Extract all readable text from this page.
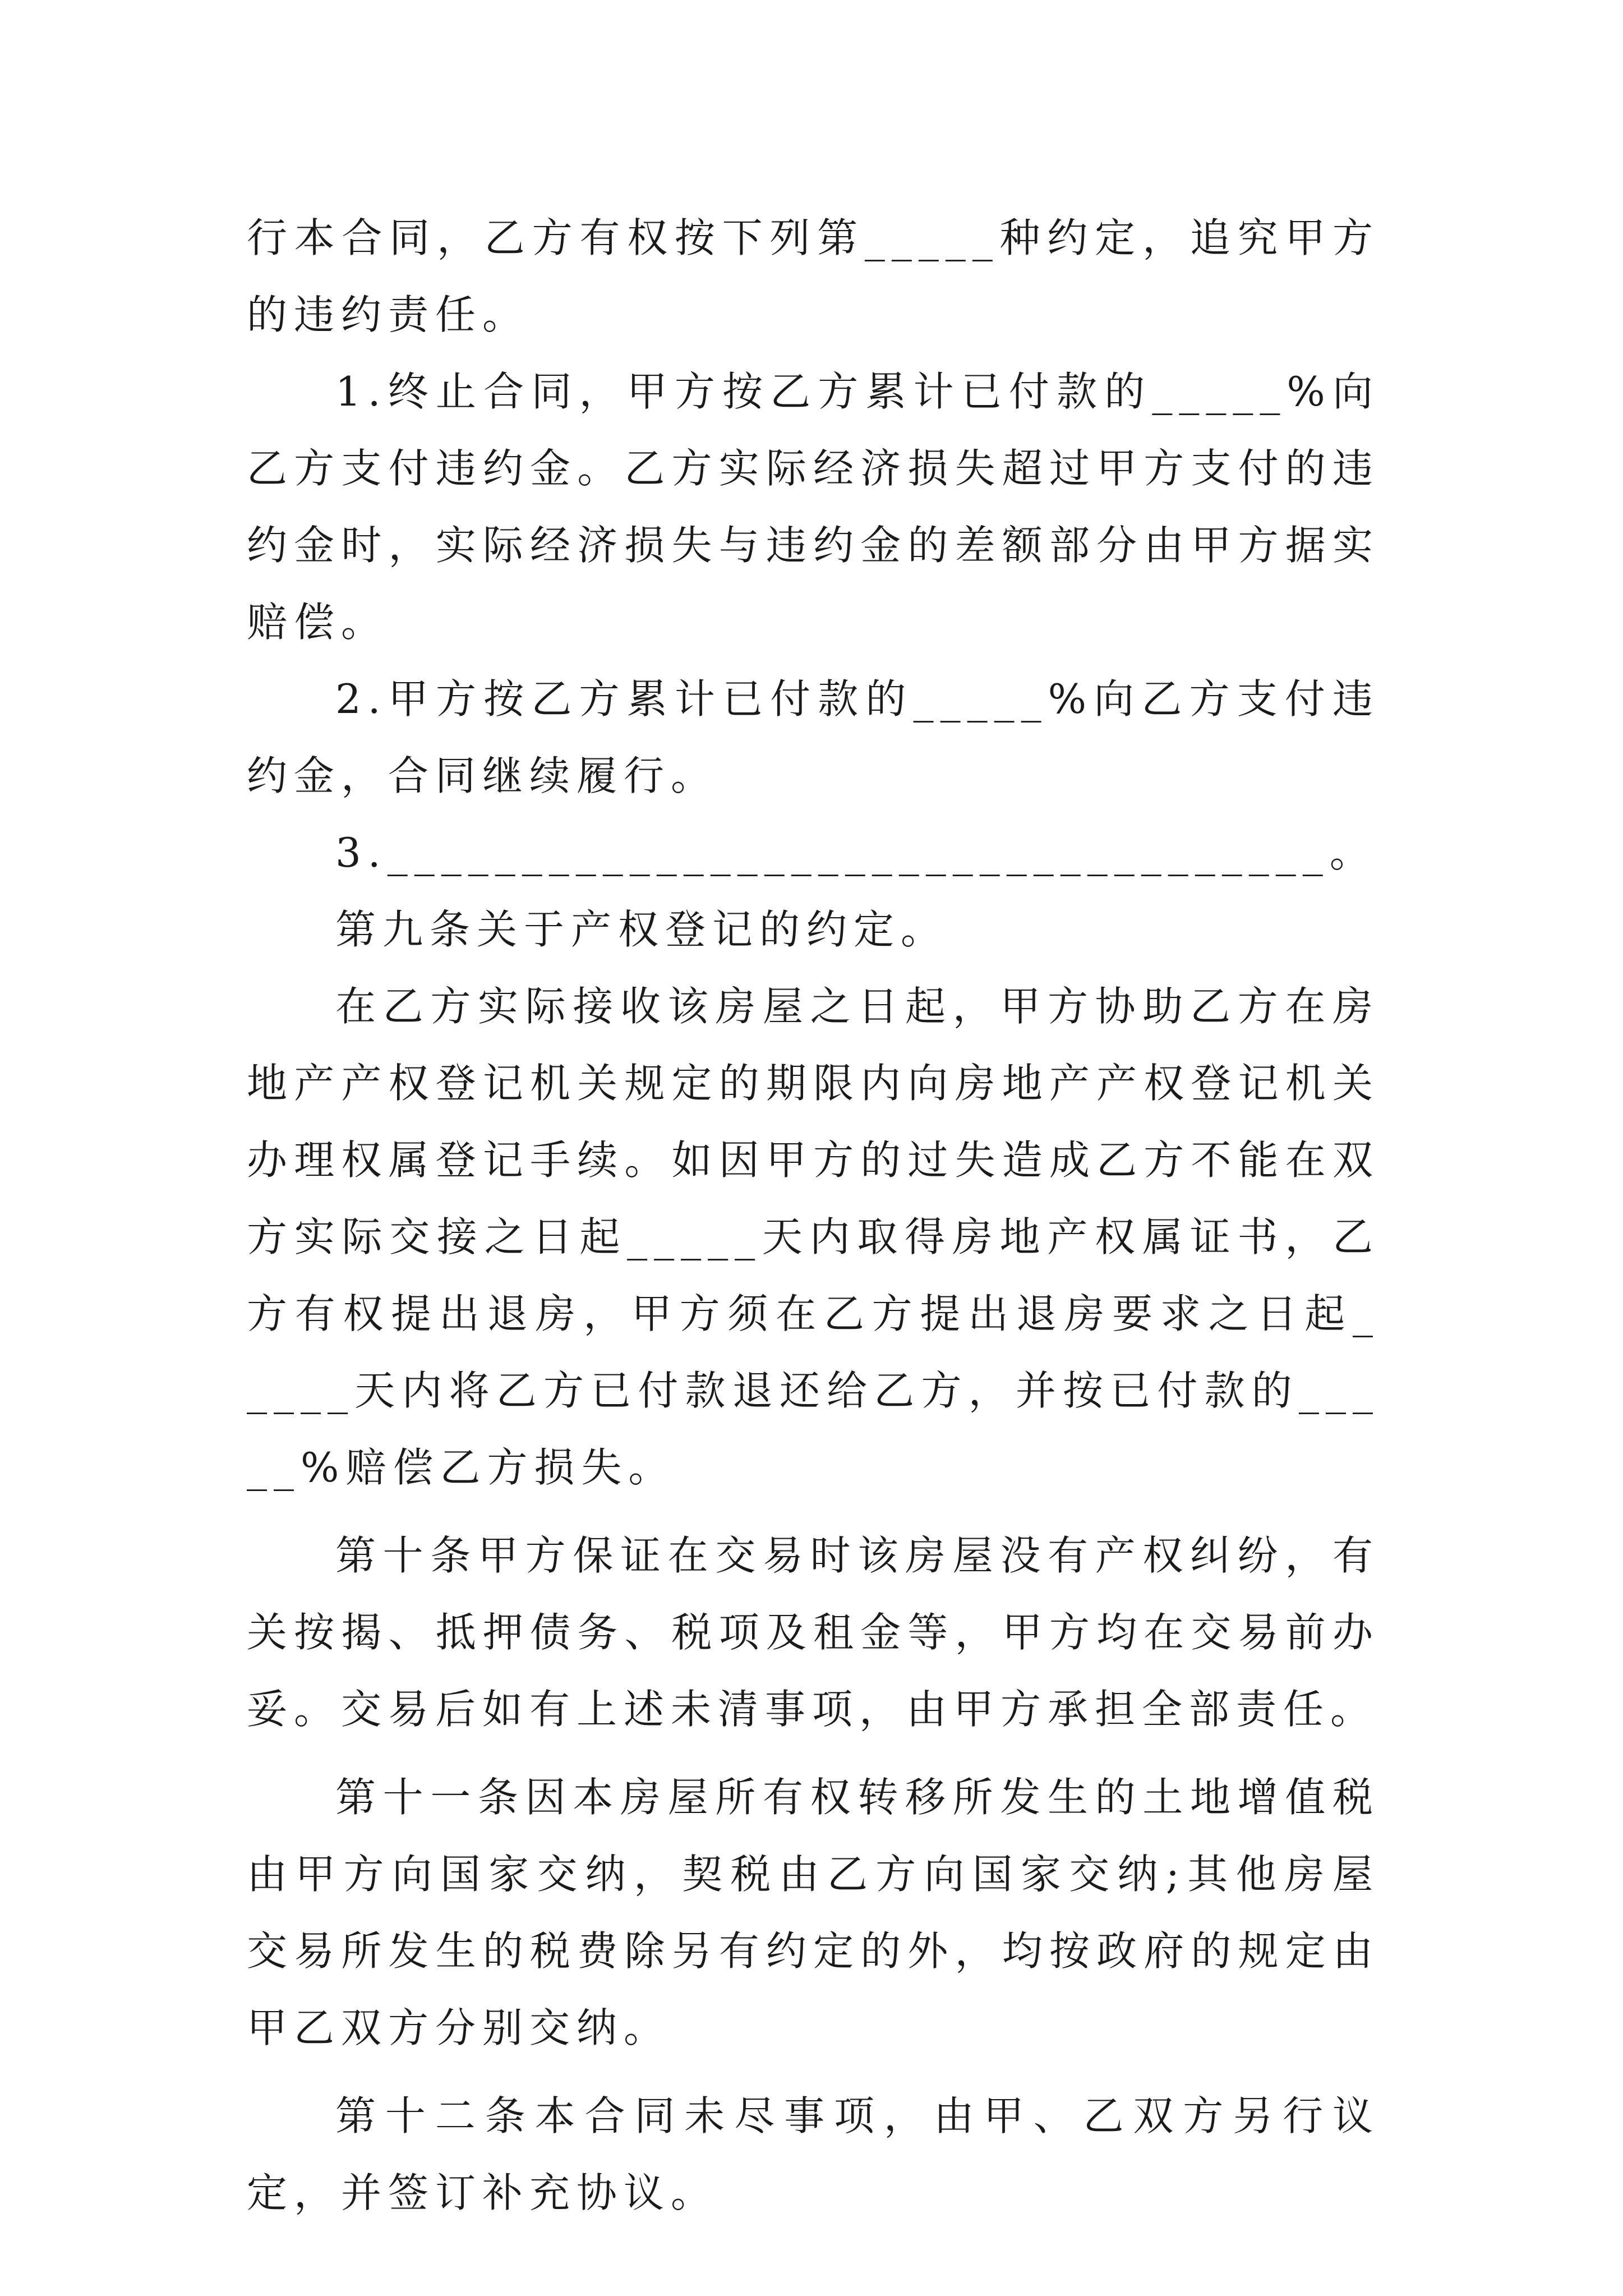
行本合同，乙方有权按下列第_____种约定，追究甲方的违约责任。

1.终止合同，甲方按乙方累计已付款的_____%向乙方支付违约金。乙方实际经济损失超过甲方支付的违约金时，实际经济损失与违约金的差额部分由甲方据实赔偿。

2.甲方按乙方累计已付款的_____%向乙方支付违约金，合同继续履行。

3.___________________________________。

第九条关于产权登记的约定。

在乙方实际接收该房屋之日起，甲方协助乙方在房地产产权登记机关规定的期限内向房地产产权登记机关办理权属登记手续。如因甲方的过失造成乙方不能在双方实际交接之日起_____天内取得房地产权属证书，乙方有权提出退房，甲方须在乙方提出退房要求之日起_____天内将乙方已付款退还给乙方，并按已付款的_____%赔偿乙方损失。

第十条甲方保证在交易时该房屋没有产权纠纷，有关按揭、抵押债务、税项及租金等，甲方均在交易前办妥。交易后如有上述未清事项，由甲方承担全部责任。

第十一条因本房屋所有权转移所发生的土地增值税由甲方向国家交纳，契税由乙方向国家交纳;其他房屋交易所发生的税费除另有约定的外，均按政府的规定由甲乙双方分别交纳。

第十二条本合同未尽事项，由甲、乙双方另行议定，并签订补充协议。
